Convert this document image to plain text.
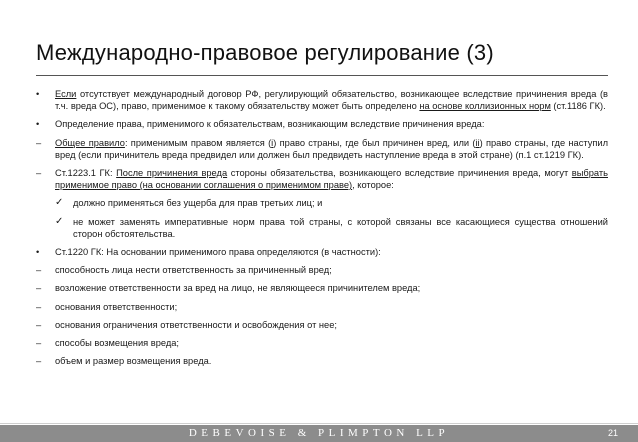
Международно-правовое регулирование (3)
• Если отсутствует международный договор РФ, регулирующий обязательство, возникающее вследствие причинения вреда (в т.ч. вреда ОС), право, применимое к такому обязательству может быть определено на основе коллизионных норм (ст.1186 ГК).
• Определение права, применимого к обязательствам, возникающим вследствие причинения вреда:
– Общее правило: применимым правом является (i) право страны, где был причинен вред, или (ii) право страны, где наступил вред (если причинитель вреда предвидел или должен был предвидеть наступление вреда в этой стране) (п.1 ст.1219 ГК).
– Ст.1223.1 ГК: После причинения вреда стороны обязательства, возникающего вследствие причинения вреда, могут выбрать применимое право (на основании соглашения о применимом праве), которое:
✓ должно применяться без ущерба для прав третьих лиц; и
✓ не может заменять императивные норм права той страны, с которой связаны все касающиеся существа отношений сторон обстоятельства.
• Ст.1220 ГК: На основании применимого права определяются (в частности):
– способность лица нести ответственность за причиненный вред;
– возложение ответственности за вред на лицо, не являющееся причинителем вреда;
– основания ответственности;
– основания ограничения ответственности и освобождения от нее;
– способы возмещения вреда;
– объем и размер возмещения вреда.
DEBEVOISE & PLIMPTON LLP	21
